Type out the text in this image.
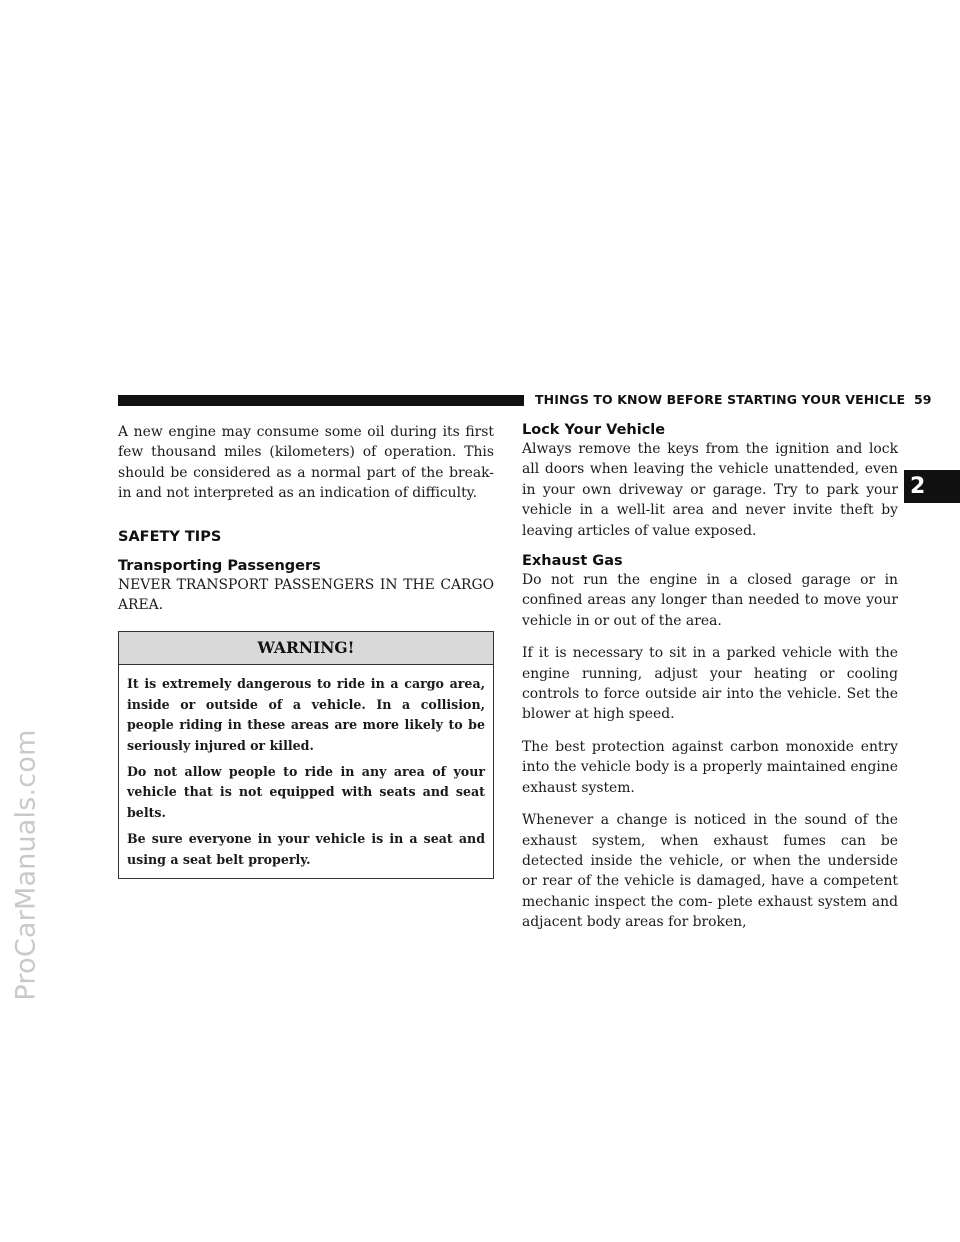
ProCarManuals.com
THINGS TO KNOW BEFORE STARTING YOUR VEHICLE 59
2

A new engine may consume some oil during its first few thousand miles (kilometers) of operation. This should be considered as a normal part of the break-in and not interpreted as an indication of difficulty.

SAFETY TIPS
Transporting Passengers

NEVER TRANSPORT PASSENGERS IN THE CARGO AREA.

WARNING!

It is extremely dangerous to ride in a cargo area, inside or outside of a vehicle. In a collision, people riding in these areas are more likely to be seriously injured or killed.

Do not allow people to ride in any area of your vehicle that is not equipped with seats and seat belts.

Be sure everyone in your vehicle is in a seat and using a seat belt properly.

Lock Your Vehicle

Always remove the keys from the ignition and lock all doors when leaving the vehicle unattended, even in your own driveway or garage. Try to park your vehicle in a well-lit area and never invite theft by leaving articles of value exposed.

Exhaust Gas

Do not run the engine in a closed garage or in confined areas any longer than needed to move your vehicle in or out of the area.

If it is necessary to sit in a parked vehicle with the engine running, adjust your heating or cooling controls to force outside air into the vehicle. Set the blower at high speed.

The best protection against carbon monoxide entry into the vehicle body is a properly maintained engine exhaust system.

Whenever a change is noticed in the sound of the exhaust system, when exhaust fumes can be detected inside the vehicle, or when the underside or rear of the vehicle is damaged, have a competent mechanic inspect the com- plete exhaust system and adjacent body areas for broken,
